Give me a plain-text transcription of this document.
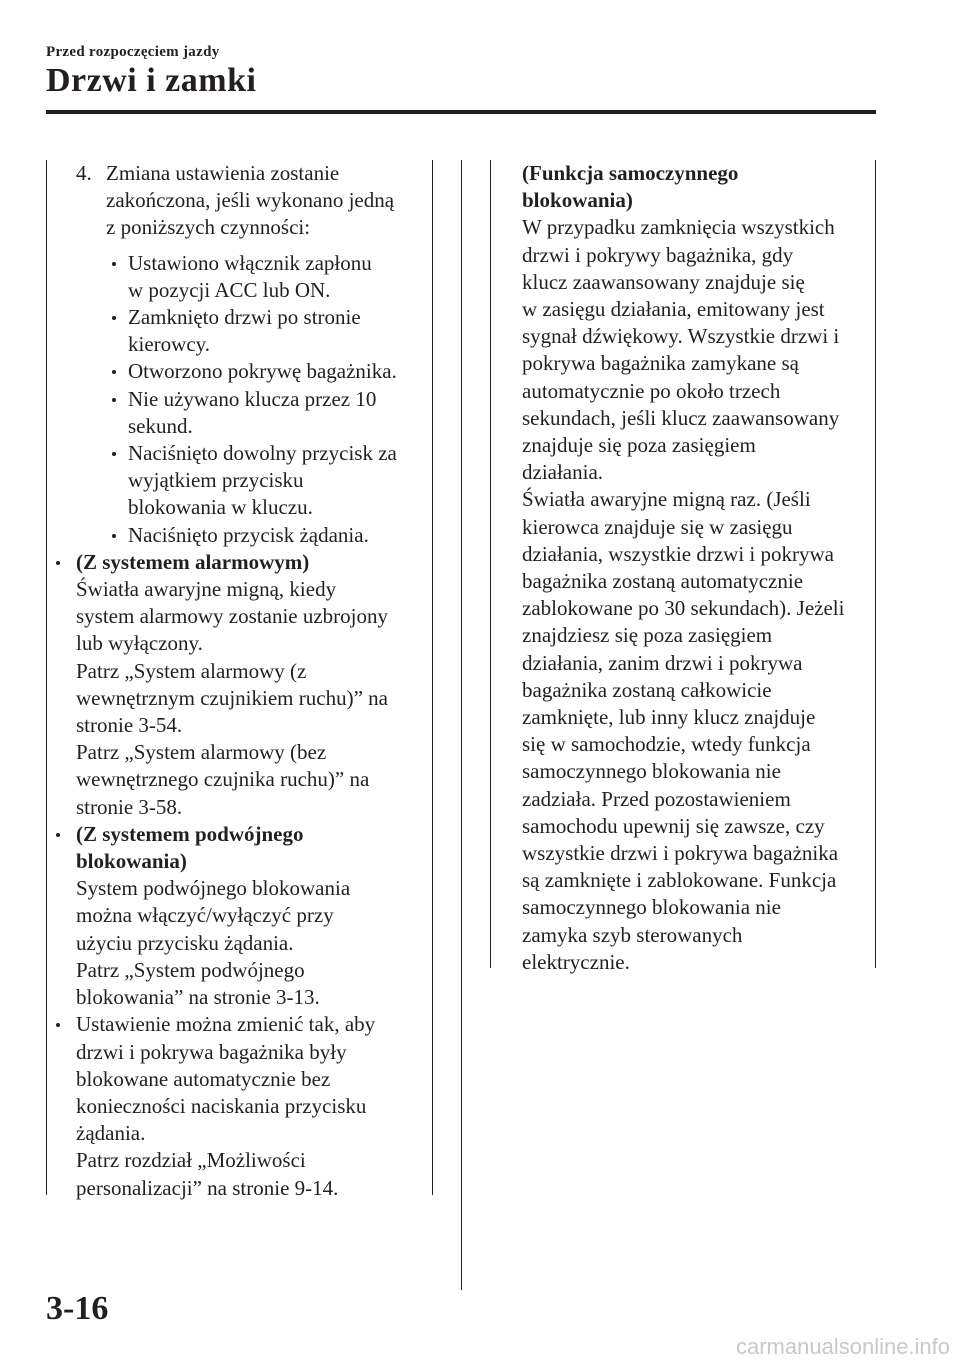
Przed rozpoczęciem jazdy
Drzwi i zamki
4. Zmiana ustawienia zostanie

zakończona, jeśli wykonano jedną

z poniższych czynności:

Ustawiono włącznik zapłonu

w pozycji ACC lub ON.

Zamknięto drzwi po stronie

kierowcy.

Otworzono pokrywę bagażnika.

Nie używano klucza przez 10

sekund.

Naciśnięto dowolny przycisk za

wyjątkiem przycisku

blokowania w kluczu.

Naciśnięto przycisk żądania.

(Z systemem alarmowym)

Światła awaryjne migną, kiedy

system alarmowy zostanie uzbrojony

lub wyłączony.

Patrz „System alarmowy (z

wewnętrznym czujnikiem ruchu)” na

stronie 3-54.

Patrz „System alarmowy (bez

wewnętrznego czujnika ruchu)” na

stronie 3-58.

(Z systemem podwójnego

blokowania)

System podwójnego blokowania

można włączyć/wyłączyć przy

użyciu przycisku żądania.

Patrz „System podwójnego

blokowania” na stronie 3-13.

Ustawienie można zmienić tak, aby

drzwi i pokrywa bagażnika były

blokowane automatycznie bez

konieczności naciskania przycisku

żądania.

Patrz rozdział „Możliwości

personalizacji” na stronie 9-14.

(Funkcja samoczynnego

blokowania)

W przypadku zamknięcia wszystkich

drzwi i pokrywy bagażnika, gdy

klucz zaawansowany znajduje się

w zasięgu działania, emitowany jest

sygnał dźwiękowy. Wszystkie drzwi i

pokrywa bagażnika zamykane są

automatycznie po około trzech

sekundach, jeśli klucz zaawansowany

znajduje się poza zasięgiem

działania.

Światła awaryjne migną raz. (Jeśli

kierowca znajduje się w zasięgu

działania, wszystkie drzwi i pokrywa

bagażnika zostaną automatycznie

zablokowane po 30 sekundach). Jeżeli

znajdziesz się poza zasięgiem

działania, zanim drzwi i pokrywa

bagażnika zostaną całkowicie

zamknięte, lub inny klucz znajduje

się w samochodzie, wtedy funkcja

samoczynnego blokowania nie

zadziała. Przed pozostawieniem

samochodu upewnij się zawsze, czy

wszystkie drzwi i pokrywa bagażnika

są zamknięte i zablokowane. Funkcja

samoczynnego blokowania nie

zamyka szyb sterowanych

elektrycznie.

3-16
carmanualsonline.info
